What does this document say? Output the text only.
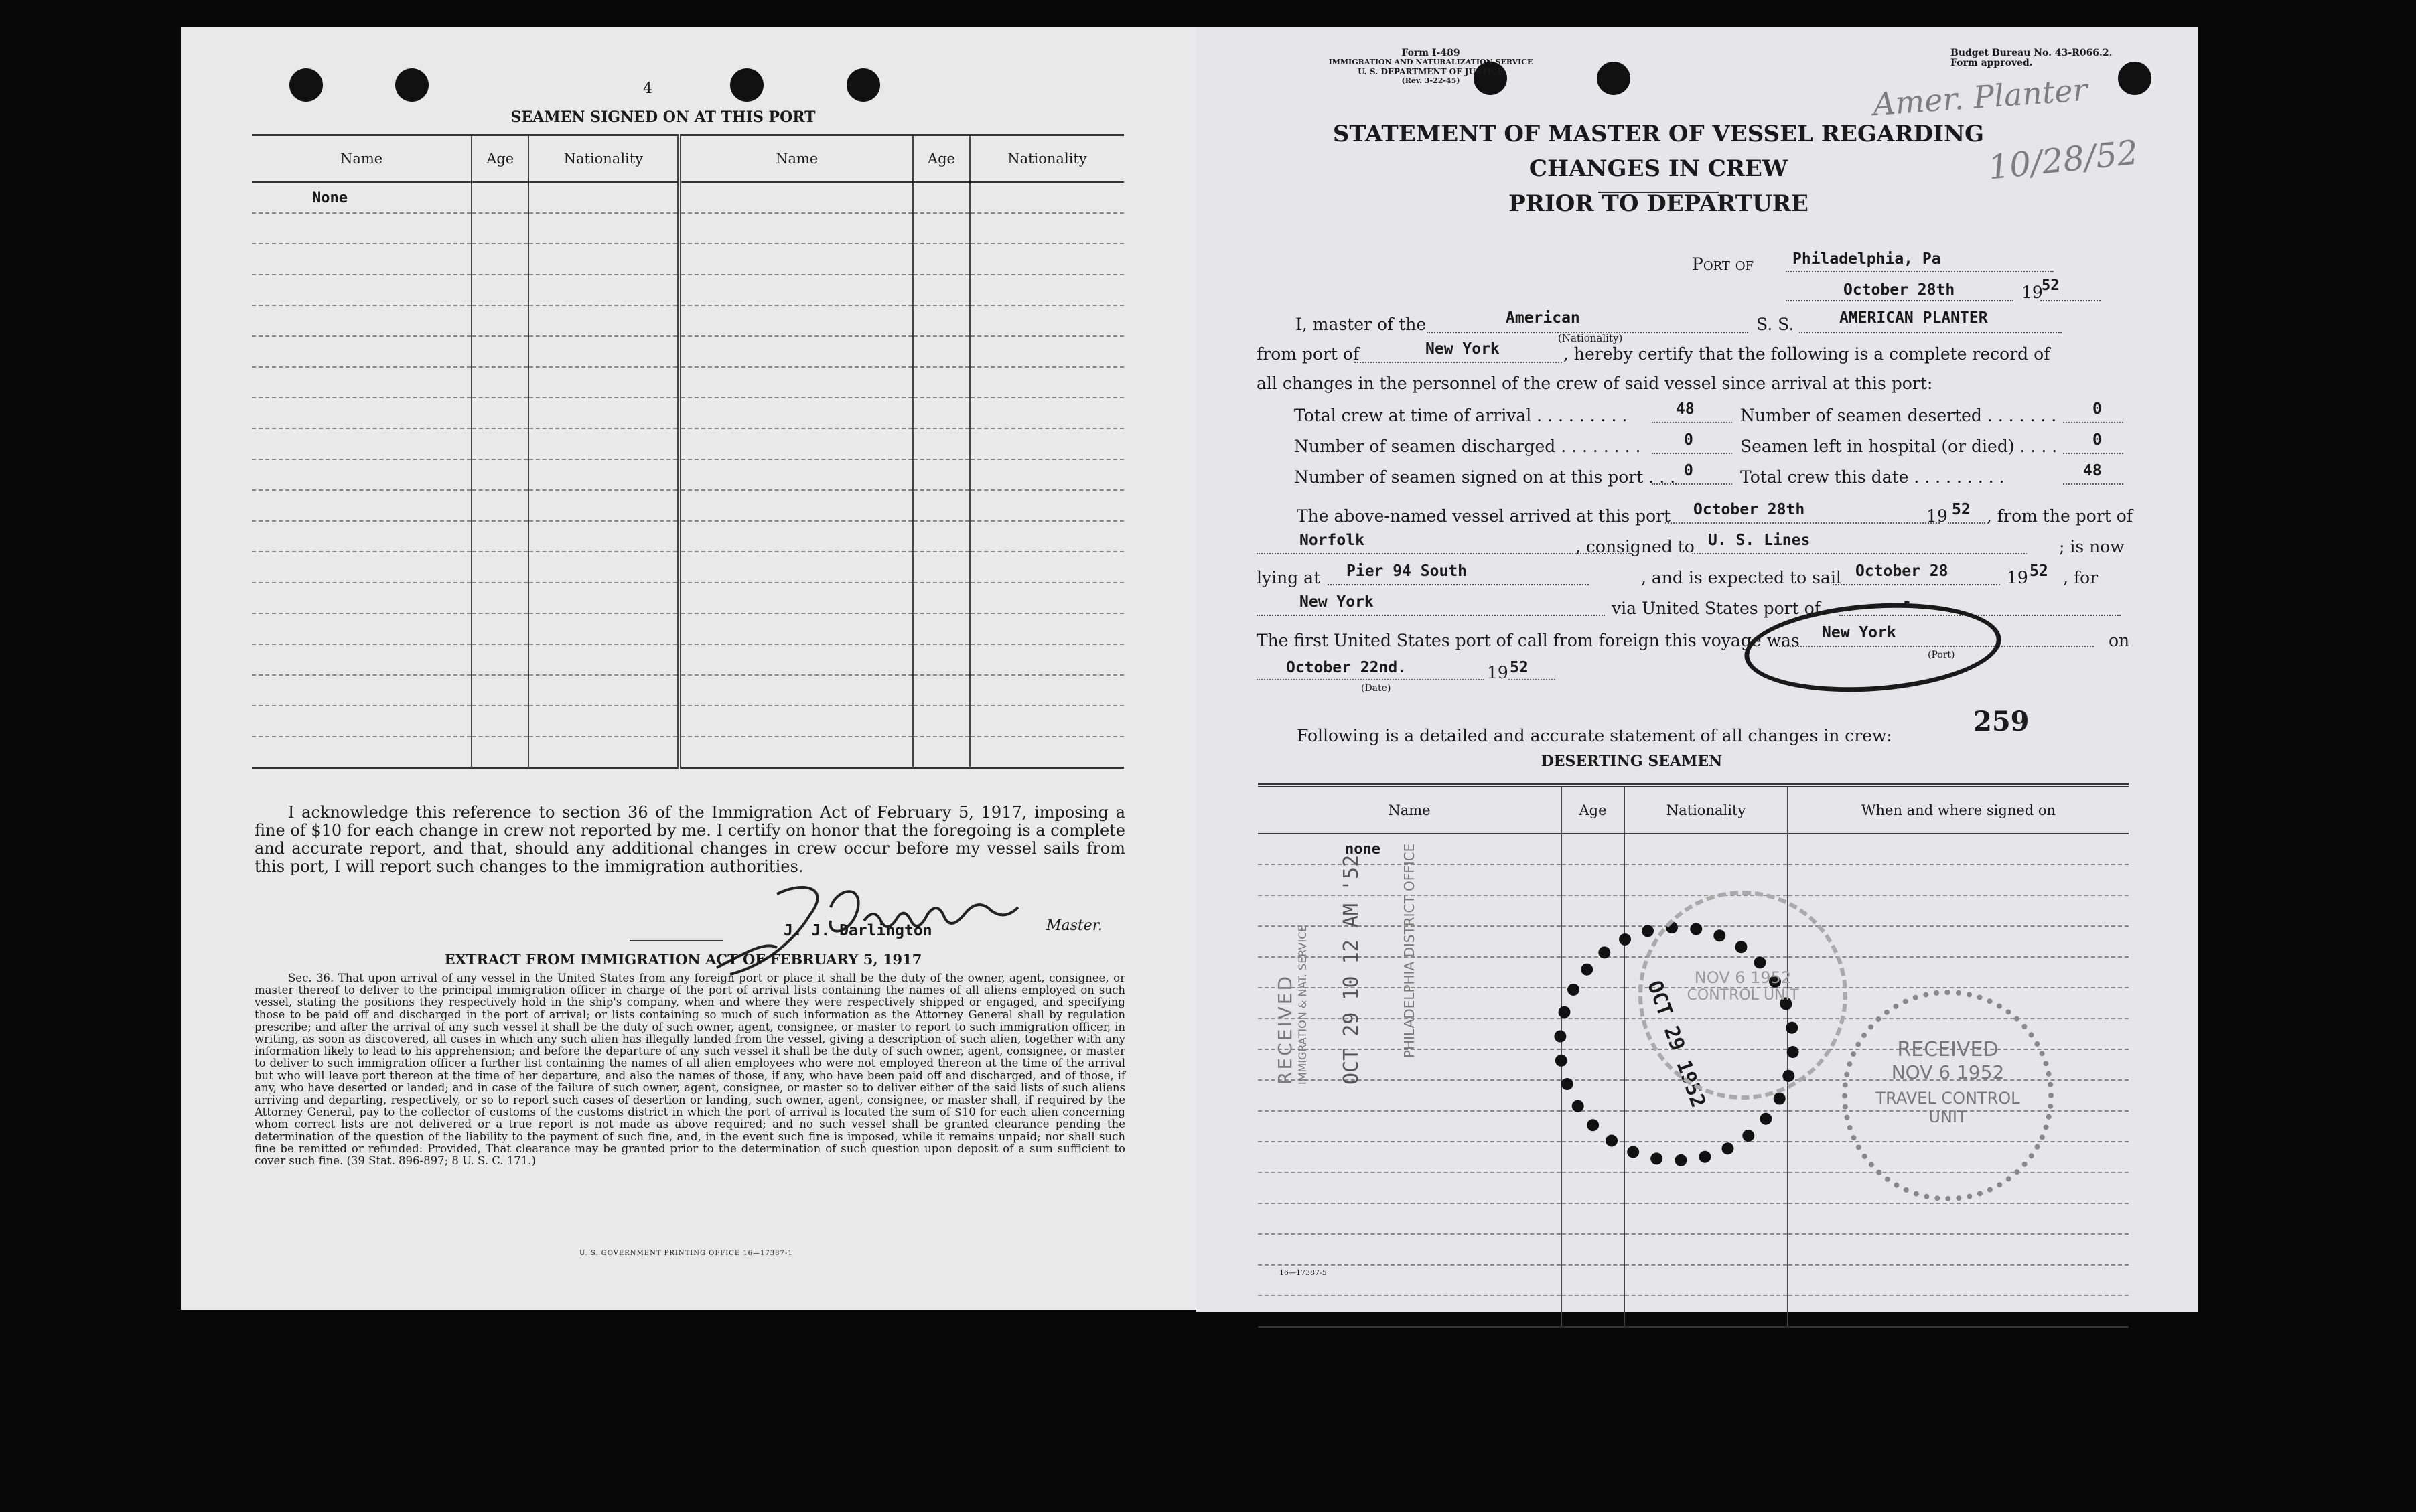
4
SEAMEN SIGNED ON AT THIS PORT
Name	Age	Nationality	Name	Age	Nationality
None					

I acknowledge this reference to section 36 of the Immigration Act of February 5, 1917, imposing a fine of $10 for each change in crew not reported by me. I certify on honor that the foregoing is a complete and accurate report, and that, should any additional changes in crew occur before my vessel sails from this port, I will report such changes to the immigration authorities.
J. J. Darlington	Master.
EXTRACT FROM IMMIGRATION ACT OF FEBRUARY 5, 1917
Sec. 36. That upon arrival of any vessel in the United States from any foreign port or place it shall be the duty of the owner, agent, consignee, or master thereof to deliver to the principal immigration officer in charge of the port of arrival lists containing the names of all aliens employed on such vessel, stating the positions they respectively hold in the ship's company, when and where they were respectively shipped or engaged, and specifying those to be paid off and discharged in the port of arrival; or lists containing so much of such information as the Attorney General shall by regulation prescribe; and after the arrival of any such vessel it shall be the duty of such owner, agent, consignee, or master to report to such immigration officer, in writing, as soon as discovered, all cases in which any such alien has illegally landed from the vessel, giving a description of such alien, together with any information likely to lead to his apprehension; and before the departure of any such vessel it shall be the duty of such owner, agent, consignee, or master to deliver to such immigration officer a further list containing the names of all alien employees who were not employed thereon at the time of the arrival but who will leave port thereon at the time of her departure, and also the names of those, if any, who have been paid off and discharged, and of those, if any, who have deserted or landed; and in case of the failure of such owner, agent, consignee, or master so to deliver either of the said lists of such aliens arriving and departing, respectively, or so to report such cases of desertion or landing, such owner, agent, consignee, or master shall, if required by the Attorney General, pay to the collector of customs of the customs district in which the port of arrival is located the sum of $10 for each alien concerning whom correct lists are not delivered or a true report is not made as above required; and no such vessel shall be granted clearance pending the determination of the question of the liability to the payment of such fine, and, in the event such fine is imposed, while it remains unpaid; nor shall such fine be remitted or refunded: Provided, That clearance may be granted prior to the determination of such question upon deposit of a sum sufficient to cover such fine. (39 Stat. 896-897; 8 U. S. C. 171.)
U. S. GOVERNMENT PRINTING OFFICE 16—17387-1
Form I-489
IMMIGRATION AND NATURALIZATION SERVICE
U. S. DEPARTMENT OF JUSTICE
(Rev. 3-22-45)
Budget Bureau No. 43-R066.2.
Form approved.
Amer. Planter
10/28/52
STATEMENT OF MASTER OF VESSEL REGARDING CHANGES IN CREW
PRIOR TO DEPARTURE
Port of	Philadelphia, Pa
October 28th	19
52
I, master of the	American
(Nationality)
S. S.	AMERICAN PLANTER
from port of	New York	, hereby certify that the following is a complete record of
all changes in the personnel of the crew of said vessel since arrival at this port:
Total crew at time of arrival . . . . . . . . .	48	Number of seamen deserted . . . . . . . 0
Number of seamen discharged . . . . . . . .	0	Seamen left in hospital (or died) . . . . 0
Number of seamen signed on at this port . . . 0	Total crew this date . . . . . . . . .	48
The above-named vessel arrived at this port October 28th	19 52 , from the port of
Norfolk	, consigned to U. S. Lines	; is now
lying at Pier 94 South	, and is expected to sail October 28	19 52 , for
New York	via United States port of	-
The first United States port of call from foreign this voyage was New York
(Port)
on
October 22nd.
(Date)
19 52
Following is a detailed and accurate statement of all changes in crew:	259
DESERTING SEAMEN
Name	Age	Nationality	When and where signed on
none			

RECEIVED IMMIGRATION & NAT. SERVICE OCT 29 10 12 AM '52	PHILADELPHIA DISTRICT OFFICE	OCT 29 1952
NOV 6 1952
CONTROL UNIT
RECEIVED
NOV 6 1952
TRAVEL CONTROL
UNIT
16—17387-5
